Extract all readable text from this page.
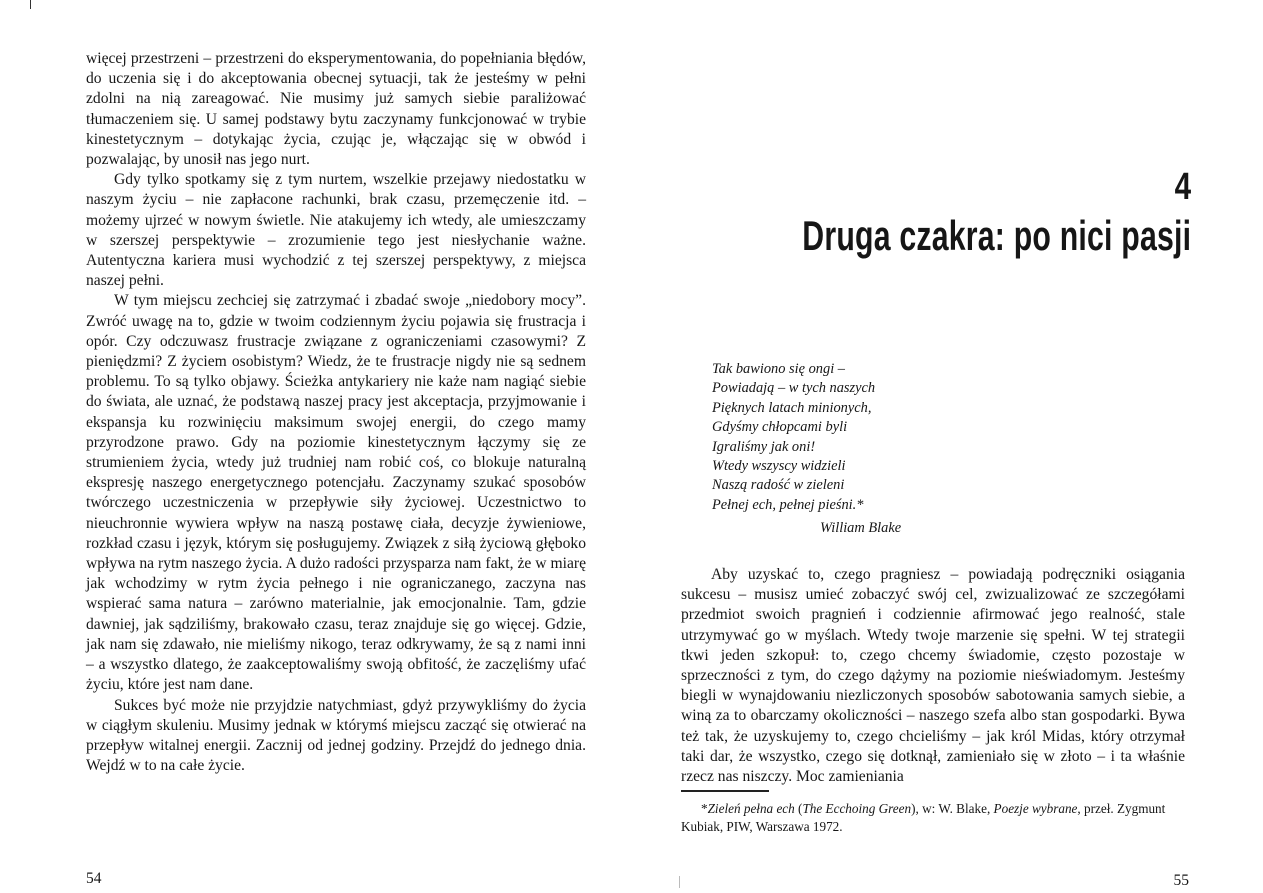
więcej przestrzeni – przestrzeni do eksperymentowania, do popełniania błędów, do uczenia się i do akceptowania obecnej sytuacji, tak że jesteśmy w pełni zdolni na nią zareagować. Nie musimy już samych siebie paraliżować tłumaczeniem się. U samej podstawy bytu zaczynamy funkcjonować w trybie kinestetycznym – dotykając życia, czując je, włączając się w obwód i pozwalając, by unosił nas jego nurt.

Gdy tylko spotkamy się z tym nurtem, wszelkie przejawy niedostatku w naszym życiu – nie zapłacone rachunki, brak czasu, przemęczenie itd. – możemy ujrzeć w nowym świetle. Nie atakujemy ich wtedy, ale umieszczamy w szerszej perspektywie – zrozumienie tego jest niesłychanie ważne. Autentyczna kariera musi wychodzić z tej szerszej perspektywy, z miejsca naszej pełni.

W tym miejscu zechciej się zatrzymać i zbadać swoje „niedobory mocy”. Zwróć uwagę na to, gdzie w twoim codziennym życiu pojawia się frustracja i opór. Czy odczuwasz frustracje związane z ograniczeniami czasowymi? Z pieniędzmi? Z życiem osobistym? Wiedz, że te frustracje nigdy nie są sednem problemu. To są tylko objawy. Ścieżka antykariery nie każe nam nagiąć siebie do świata, ale uznać, że podstawą naszej pracy jest akceptacja, przyjmowanie i ekspansja ku rozwinięciu maksimum swojej energii, do czego mamy przyrodzone prawo. Gdy na poziomie kinestetycznym łączymy się ze strumieniem życia, wtedy już trudniej nam robić coś, co blokuje naturalną ekspresję naszego energetycznego potencjału. Zaczynamy szukać sposobów twórczego uczestniczenia w przepływie siły życiowej. Uczestnictwo to nieuchronnie wywiera wpływ na naszą postawę ciała, decyzje żywieniowe, rozkład czasu i język, którym się posługujemy. Związek z siłą życiową głęboko wpływa na rytm naszego życia. A dużo radości przysparza nam fakt, że w miarę jak wchodzimy w rytm życia pełnego i nie ograniczanego, zaczyna nas wspierać sama natura – zarówno materialnie, jak emocjonalnie. Tam, gdzie dawniej, jak sądziliśmy, brakowało czasu, teraz znajduje się go więcej. Gdzie, jak nam się zdawało, nie mieliśmy nikogo, teraz odkrywamy, że są z nami inni – a wszystko dlatego, że zaakceptowaliśmy swoją obfitość, że zaczęliśmy ufać życiu, które jest nam dane.

Sukces być może nie przyjdzie natychmiast, gdyż przywykliśmy do życia w ciągłym skuleniu. Musimy jednak w którymś miejscu zacząć się otwierać na przepływ witalnej energii. Zacznij od jednej godziny. Przejdź do jednego dnia. Wejdź w to na całe życie.

54
4
Druga czakra: po nici pasji
Tak bawiono się ongi –
Powiadają – w tych naszych
Pięknych latach minionych,
Gdyśmy chłopcami byli
Igraliśmy jak oni!
Wtedy wszyscy widzieli
Naszą radość w zieleni
Pełnej ech, pełnej pieśni.*
William Blake

Aby uzyskać to, czego pragniesz – powiadają podręczniki osiągania sukcesu – musisz umieć zobaczyć swój cel, zwizualizować ze szczegółami przedmiot swoich pragnień i codziennie afirmować jego realność, stale utrzymywać go w myślach. Wtedy twoje marzenie się spełni. W tej strategii tkwi jeden szkopuł: to, czego chcemy świadomie, często pozostaje w sprzeczności z tym, do czego dążymy na poziomie nieświadomym. Jesteśmy biegli w wynajdowaniu niezliczonych sposobów sabotowania samych siebie, a winą za to obarczamy okoliczności – naszego szefa albo stan gospodarki. Bywa też tak, że uzyskujemy to, czego chcieliśmy – jak król Midas, który otrzymał taki dar, że wszystko, czego się dotknął, zamieniało się w złoto – i ta właśnie rzecz nas niszczy. Moc zamieniania

*Zieleń pełna ech (The Ecchoing Green), w: W. Blake, Poezje wybrane, przeł. Zygmunt Kubiak, PIW, Warszawa 1972.
55
